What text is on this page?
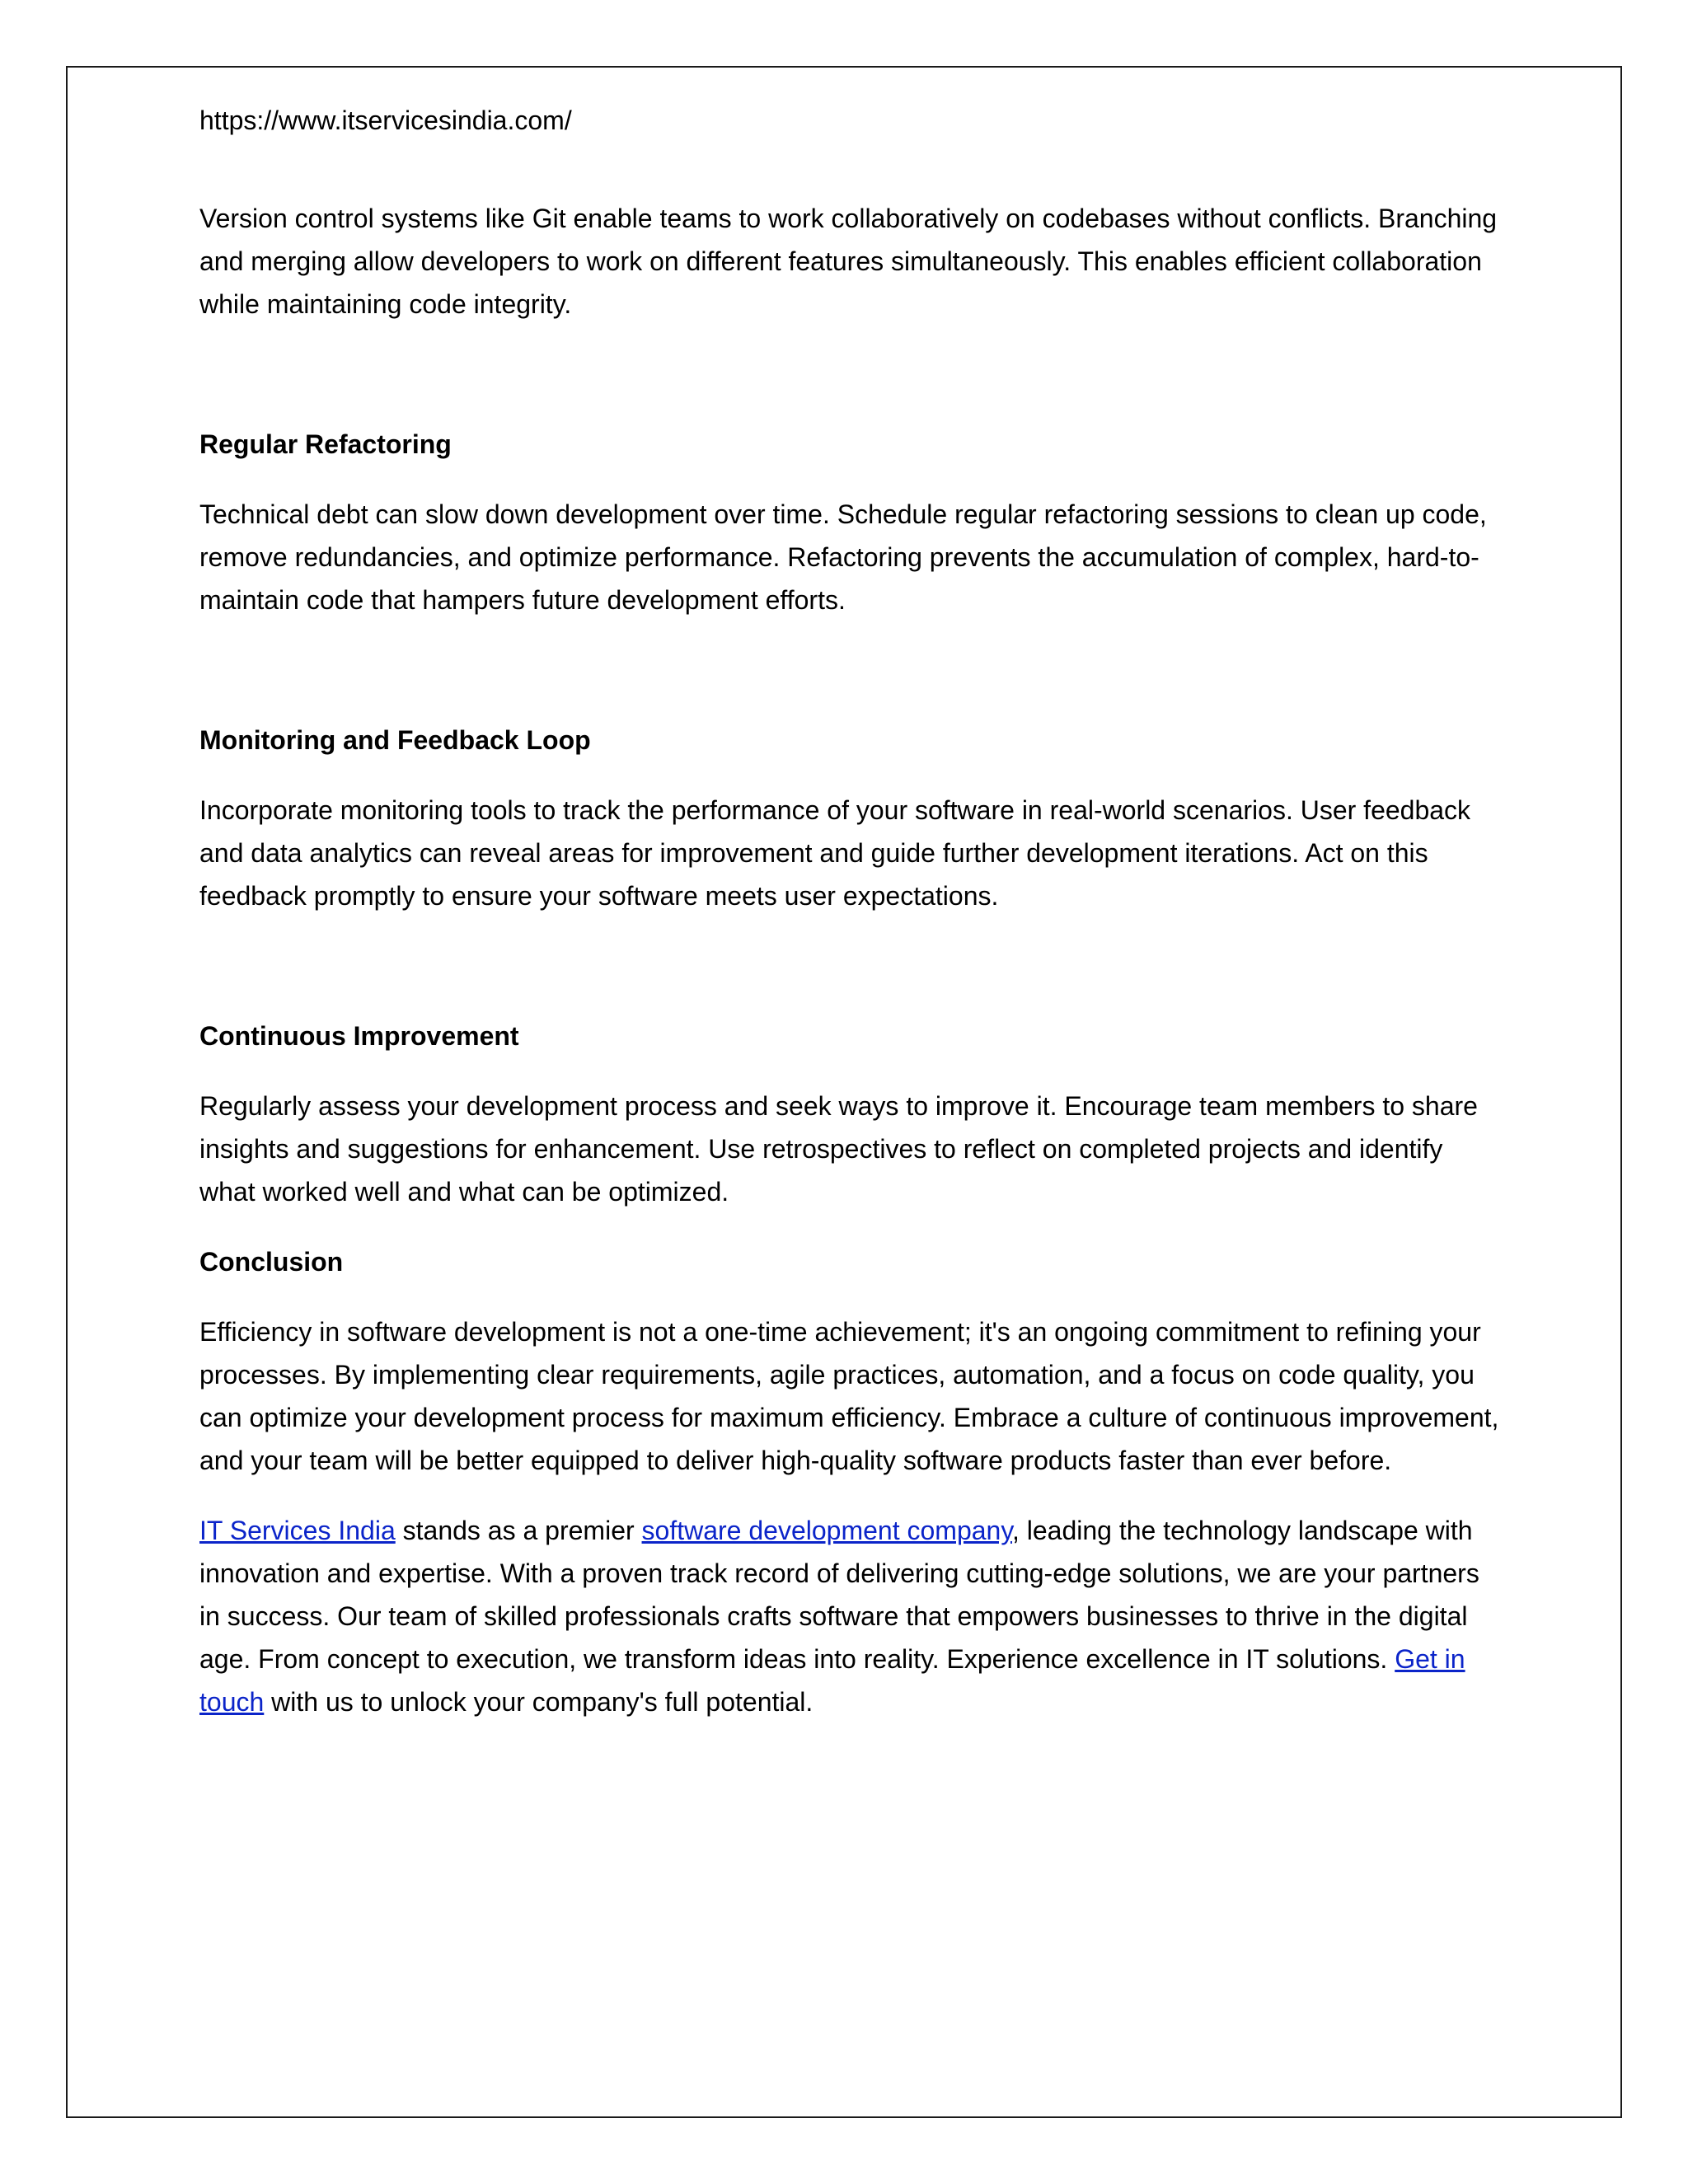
https://www.itservicesindia.com/

Version control systems like Git enable teams to work collaboratively on codebases without conflicts. Branching and merging allow developers to work on different features simultaneously. This enables efficient collaboration while maintaining code integrity.

Regular Refactoring

Technical debt can slow down development over time. Schedule regular refactoring sessions to clean up code, remove redundancies, and optimize performance. Refactoring prevents the accumulation of complex, hard-to-maintain code that hampers future development efforts.

Monitoring and Feedback Loop

Incorporate monitoring tools to track the performance of your software in real-world scenarios. User feedback and data analytics can reveal areas for improvement and guide further development iterations. Act on this feedback promptly to ensure your software meets user expectations.

Continuous Improvement

Regularly assess your development process and seek ways to improve it. Encourage team members to share insights and suggestions for enhancement. Use retrospectives to reflect on completed projects and identify what worked well and what can be optimized.

Conclusion

Efficiency in software development is not a one-time achievement; it's an ongoing commitment to refining your processes. By implementing clear requirements, agile practices, automation, and a focus on code quality, you can optimize your development process for maximum efficiency. Embrace a culture of continuous improvement, and your team will be better equipped to deliver high-quality software products faster than ever before.

IT Services India stands as a premier software development company, leading the technology landscape with innovation and expertise. With a proven track record of delivering cutting-edge solutions, we are your partners in success. Our team of skilled professionals crafts software that empowers businesses to thrive in the digital age. From concept to execution, we transform ideas into reality. Experience excellence in IT solutions. Get in touch with us to unlock your company's full potential.
